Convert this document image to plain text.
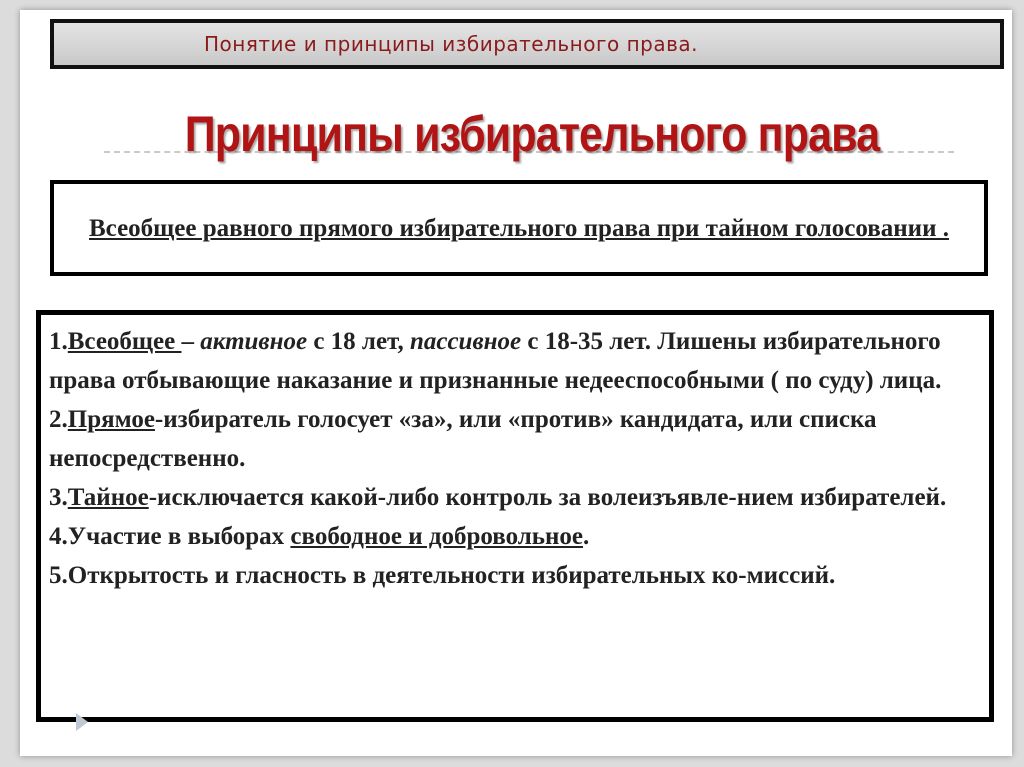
Понятие и принципы избирательного права.
Принципы избирательного права

Всеобщее равного прямого избирательного права при тайном голосовании .

1.Всеобщее – активное с 18 лет, пассивное с 18-35 лет. Лишены избирательного права отбывающие наказание и признанные недееспособными ( по суду) лица.

2.Прямое-избиратель голосует «за», или «против» кандидата, или списка непосредственно.

3.Тайное-исключается какой-либо контроль за волеизъявле-нием избирателей.

4.Участие в выборах свободное и добровольное.

5.Открытость и гласность в деятельности избирательных ко-миссий.
